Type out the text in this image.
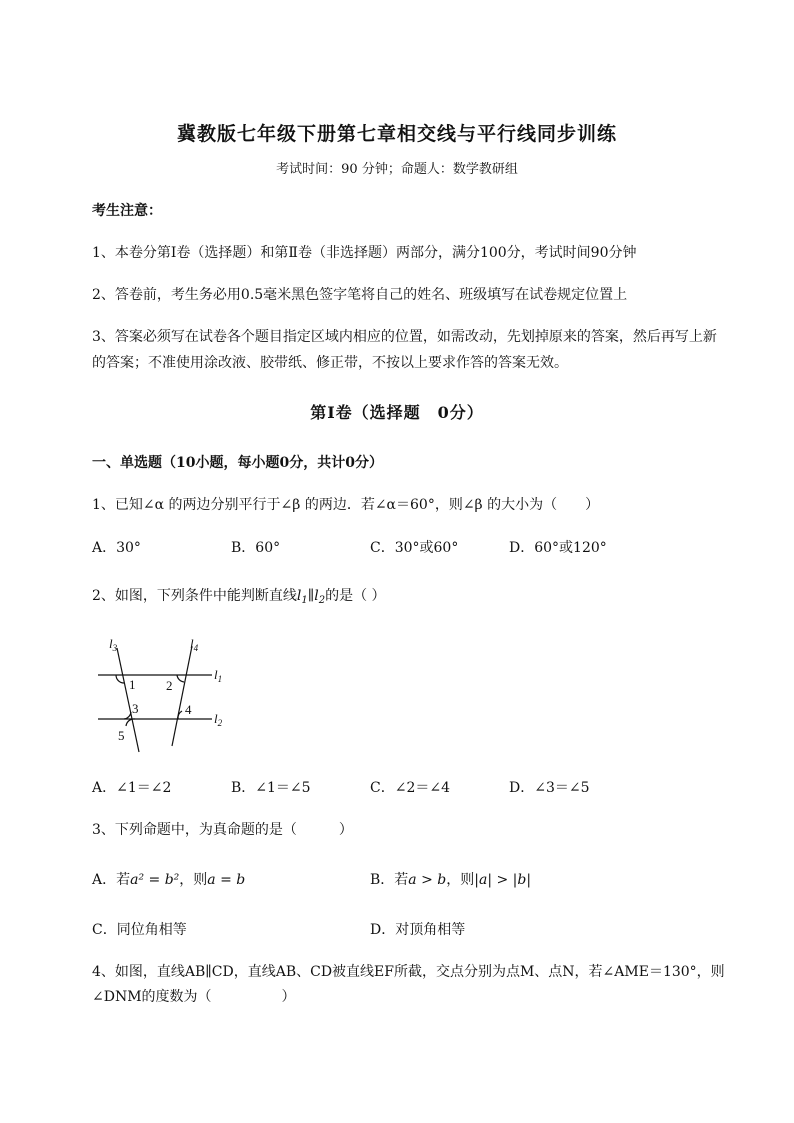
冀教版七年级下册第七章相交线与平行线同步训练
考试时间：90 分钟；命题人：数学教研组
考生注意：
1、本卷分第Ⅰ卷（选择题）和第Ⅱ卷（非选择题）两部分，满分100分，考试时间90分钟
2、答卷前，考生务必用0.5毫米黑色签字笔将自己的姓名、班级填写在试卷规定位置上
3、答案必须写在试卷各个题目指定区域内相应的位置，如需改动，先划掉原来的答案，然后再写上新
的答案；不准使用涂改液、胶带纸、修正带，不按以上要求作答的答案无效。
第Ⅰ卷（选择题　0分）
一、单选题（10小题，每小题0分，共计0分）
1、已知∠α 的两边分别平行于∠β 的两边．若∠α＝60°，则∠β 的大小为（　　）
A．30°	B．60°	C．30°或60°	D．60°或120°
2、如图，下列条件中能判断直线$l_1\parallel l_2$的是（ ）
$l_3$	$l_4$
$l_1$
$l_2$
1 2
3	4
5
A．∠1＝∠2	B．∠1＝∠5	C．∠2＝∠4	D．∠3＝∠5
3、下列命题中，为真命题的是（　　　）
A．若a² = b²，则a = b	B．若a > b，则|a| > |b|
C．同位角相等	D．对顶角相等
4、如图，直线AB∥CD，直线AB、CD被直线EF所截，交点分别为点M、点N，若∠AME＝130°，则
∠DNM的度数为（　　　　　）
